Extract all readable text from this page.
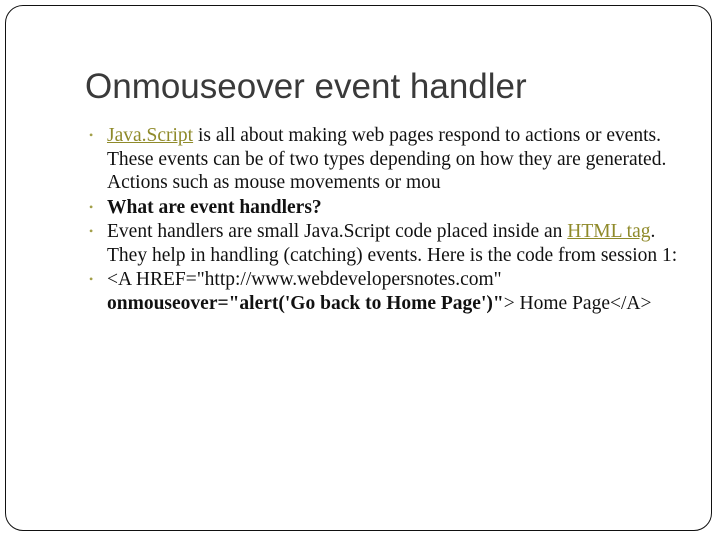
Onmouseover event handler
• Java.Script is all about making web pages respond to actions or events. These events can be of two types depending on how they are generated. Actions such as mouse movements or mou
• What are event handlers?
• Event handlers are small Java.Script code placed inside an HTML tag. They help in handling (catching) events. Here is the code from session 1:
• <A HREF="http://www.webdevelopersnotes.com" onmouseover="alert('Go back to Home Page')"> Home Page</A>
